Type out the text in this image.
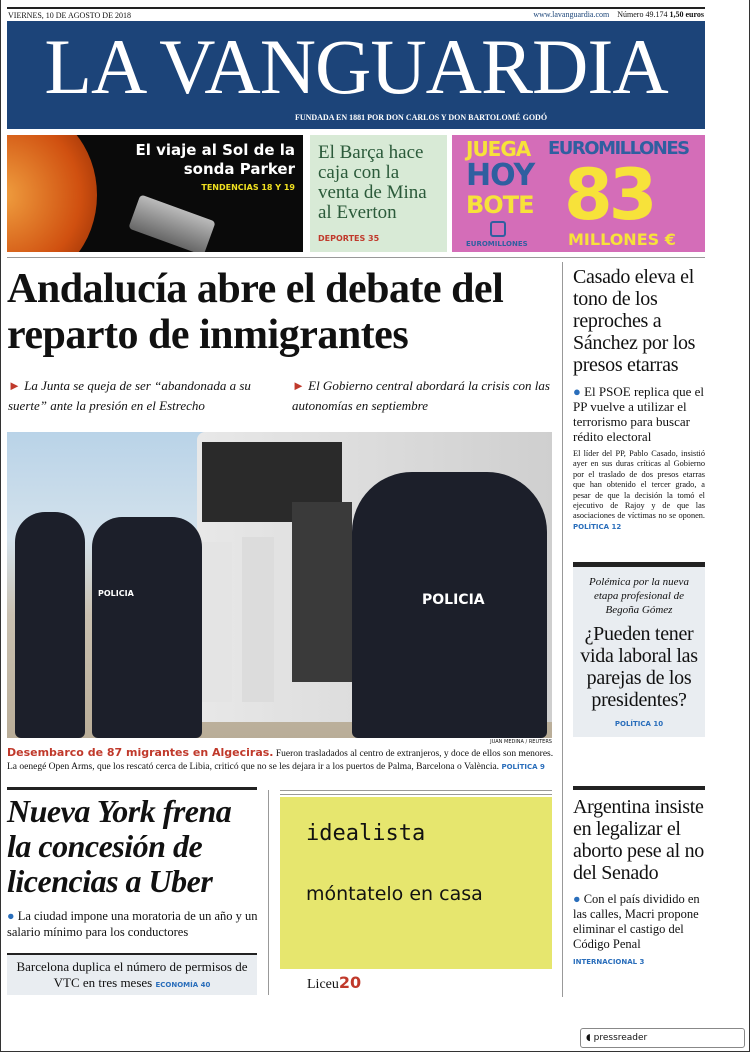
VIERNES, 10 DE AGOSTO DE 2018	www.lavanguardia.com Número 49.174 1,50 euros
LA VANGUARDIA
FUNDADA EN 1881 POR DON CARLOS Y DON BARTOLOMÉ GODÓ
El viaje al Sol de la sonda Parker
TENDENCIAS 18 Y 19
El Barça hace caja con la venta de Mina al Everton
DEPORTES 35
JUEGA
HOY
BOTE
EUROMILLONES
EUROMILLONES
83
MILLONES €
Andalucía abre el debate del reparto de inmigrantes
► La Junta se queja de ser “abandonada a su suerte” ante la presión en el Estrecho
► El Gobierno central abordará la crisis con las autonomías en septiembre
POLICIA	POLICIA
JUAN MEDINA / REUTERS
Desembarco de 87 migrantes en Algeciras. Fueron trasladados al centro de extranjeros, y doce de ellos son menores. La oenegé Open Arms, que los rescató cerca de Libia, criticó que no se les dejara ir a los puertos de Palma, Barcelona o València. POLÍTICA 9
Casado eleva el tono de los reproches a Sánchez por los presos etarras
● El PSOE replica que el PP vuelve a utilizar el terrorismo para buscar rédito electoral
El líder del PP, Pablo Casado, insistió ayer en sus duras críticas al Gobierno por el traslado de dos presos etarras que han obtenido el tercer grado, a pesar de que la decisión la tomó el ejecutivo de Rajoy y de que las asociaciones de víctimas no se oponen. POLÍTICA 12
Polémica por la nueva etapa profesional de Begoña Gómez
¿Pueden tener vida laboral las parejas de los presidentes?
POLÍTICA 10
Argentina insiste en legalizar el aborto pese al no del Senado
● Con el país dividido en las calles, Macri propone eliminar el castigo del Código Penal
INTERNACIONAL 3
Nueva York frena la concesión de licencias a Uber
● La ciudad impone una moratoria de un año y un salario mínimo para los conductores
Barcelona duplica el número de permisos de VTC en tres meses ECONOMÍA 40
idealista
móntatelo en casa
Liceu20
◖ pressreader
